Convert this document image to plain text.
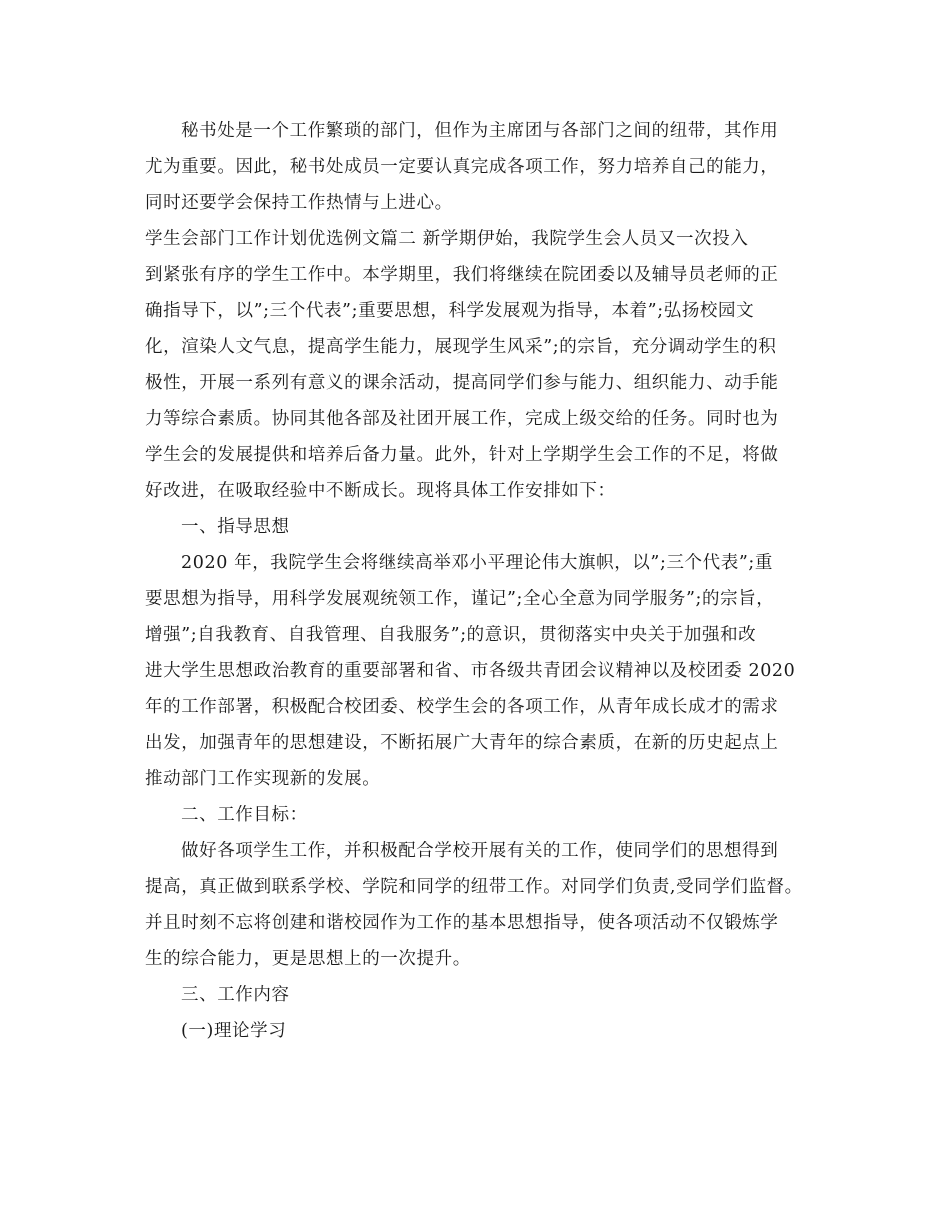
秘书处是一个工作繁琐的部门，但作为主席团与各部门之间的纽带，其作用
尤为重要。因此，秘书处成员一定要认真完成各项工作，努力培养自己的能力，
同时还要学会保持工作热情与上进心。
学生会部门工作计划优选例文篇二 新学期伊始，我院学生会人员又一次投入
到紧张有序的学生工作中。本学期里，我们将继续在院团委以及辅导员老师的正
确指导下，以”;三个代表”;重要思想，科学发展观为指导，本着”;弘扬校园文
化，渲染人文气息，提高学生能力，展现学生风采”;的宗旨，充分调动学生的积
极性，开展一系列有意义的课余活动，提高同学们参与能力、组织能力、动手能
力等综合素质。协同其他各部及社团开展工作，完成上级交给的任务。同时也为
学生会的发展提供和培养后备力量。此外，针对上学期学生会工作的不足，将做
好改进，在吸取经验中不断成长。现将具体工作安排如下：
一、指导思想
2020 年，我院学生会将继续高举邓小平理论伟大旗帜，以”;三个代表”;重
要思想为指导，用科学发展观统领工作，谨记”;全心全意为同学服务”;的宗旨，
增强”;自我教育、自我管理、自我服务”;的意识，贯彻落实中央关于加强和改
进大学生思想政治教育的重要部署和省、市各级共青团会议精神以及校团委 2020
年的工作部署，积极配合校团委、校学生会的各项工作，从青年成长成才的需求
出发，加强青年的思想建设，不断拓展广大青年的综合素质，在新的历史起点上
推动部门工作实现新的发展。
二、工作目标：
做好各项学生工作，并积极配合学校开展有关的工作，使同学们的思想得到
提高，真正做到联系学校、学院和同学的纽带工作。对同学们负责,受同学们监督。
并且时刻不忘将创建和谐校园作为工作的基本思想指导，使各项活动不仅锻炼学
生的综合能力，更是思想上的一次提升。
三、工作内容
(一)理论学习
